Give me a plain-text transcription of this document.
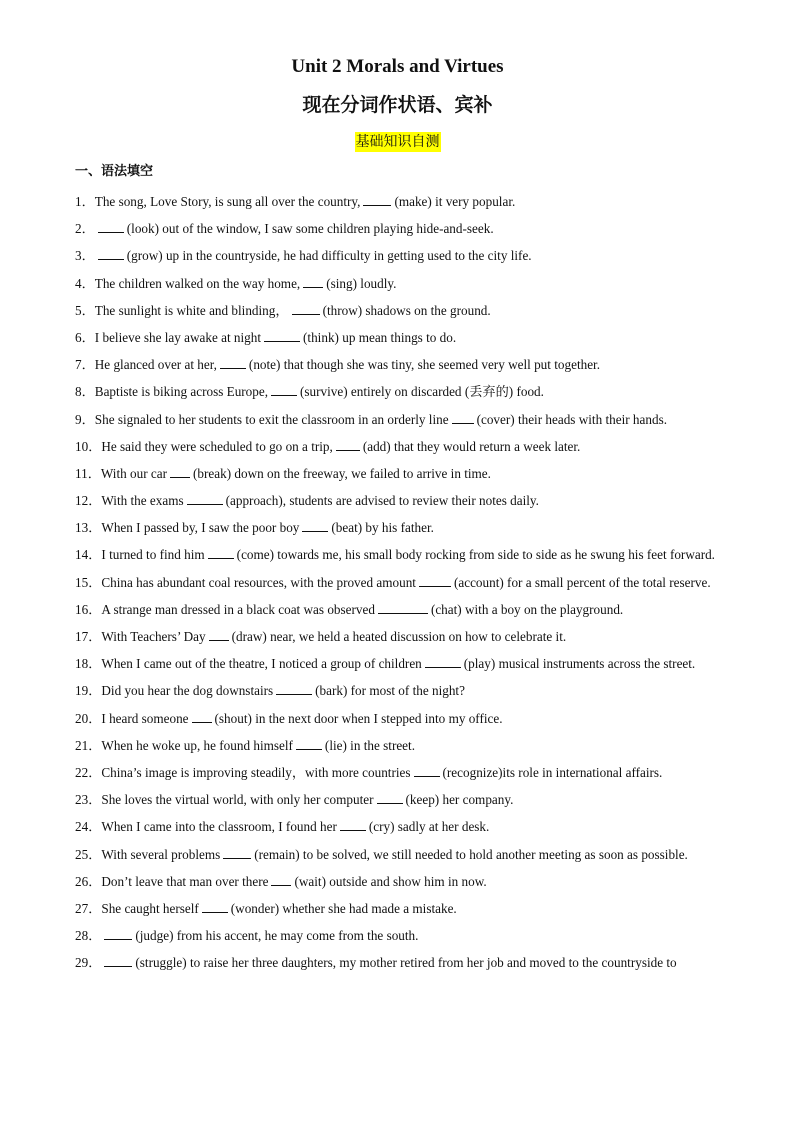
Unit 2 Morals and Virtues
现在分词作状语、宾补
基础知识自测
一、语法填空
1．The song, Love Story, is sung all over the country,	(make) it very popular.
2． (look) out of the window, I saw some children playing hide-and-seek.
3． (grow) up in the countryside, he had difficulty in getting used to the city life.
4．The children walked on the way home, (sing) loudly.
5．The sunlight is white and blinding，	(throw) shadows on the ground.
6．I believe she lay awake at night	(think) up mean things to do.
7．He glanced over at her, (note) that though she was tiny, she seemed very well put together.
8．Baptiste is biking across Europe, (survive) entirely on discarded (丢弃的) food.
9．She signaled to her students to exit the classroom in an orderly line (cover) their heads with their hands.
10．He said they were scheduled to go on a trip, (add) that they would return a week later.
11．With our car (break) down on the freeway, we failed to arrive in time.
12．With the exams	(approach), students are advised to review their notes daily.
13．When I passed by, I saw the poor boy (beat) by his father.
14．I turned to find him (come) towards me, his small body rocking from side to side as he swung his feet forward.
15．China has abundant coal resources, with the proved amount	(account) for a small percent of the total reserve.
16．A strange man dressed in a black coat was observed	(chat) with a boy on the playground.
17．With Teachers’ Day (draw) near, we held a heated discussion on how to celebrate it.
18．When I came out of the theatre, I noticed a group of children	(play) musical instruments across the street.
19．Did you hear the dog downstairs	(bark) for most of the night?
20．I heard someone (shout) in the next door when I stepped into my office.
21．When he woke up, he found himself (lie) in the street.
22．China’s image is improving steadily，with more countries (recognize)its role in international affairs.
23．She loves the virtual world, with only her computer (keep) her company.
24．When I came into the classroom, I found her (cry) sadly at her desk.
25．With several problems	(remain) to be solved, we still needed to hold another meeting as soon as possible.
26．Don’t leave that man over there (wait) outside and show him in now.
27．She caught herself (wonder) whether she had made a mistake.
28．	(judge) from his accent, he may come from the south.
29．	(struggle) to raise her three daughters, my mother retired from her job and moved to the countryside to
